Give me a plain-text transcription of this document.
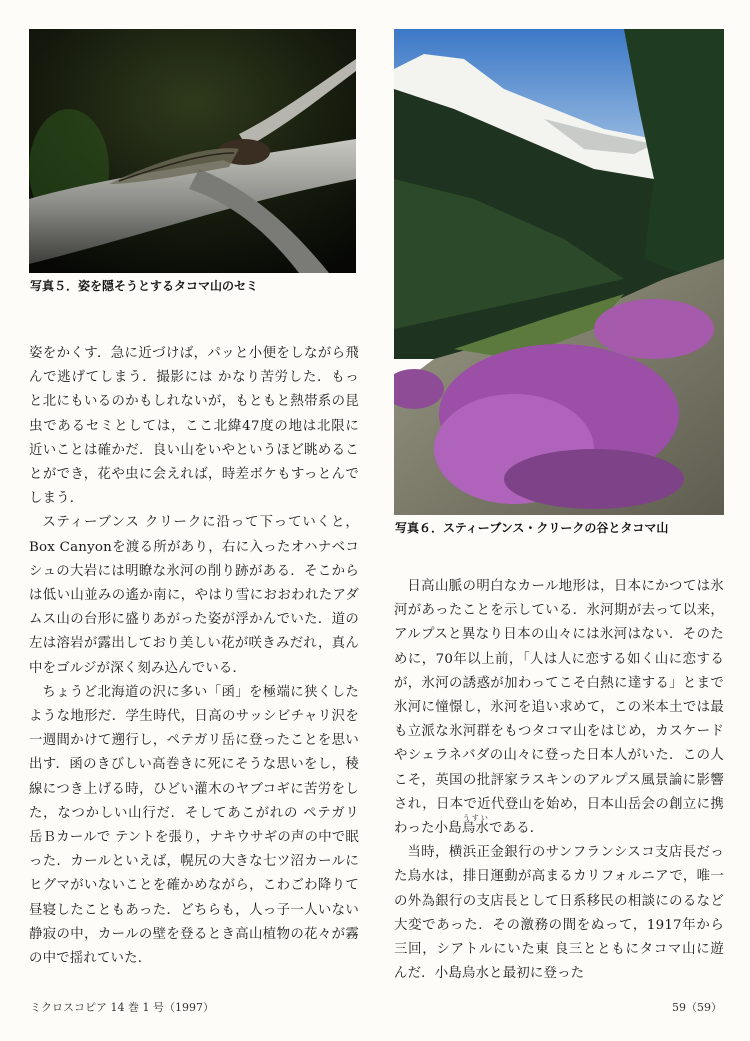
写真５．姿を隠そうとするタコマ山のセミ
写真６．スティーブンス・クリークの谷とタコマ山

姿をかくす．急に近づけば，パッと小便をしながら飛んで逃げてしまう．撮影には かなり苦労した．もっと北にもいるのかもしれないが，もともと熱帯系の昆虫であるセミとしては，ここ北緯47度の地は北限に近いことは確かだ．良い山をいやというほど眺めることができ，花や虫に会えれば，時差ボケもすっとんでしまう．

スティーブンス クリークに沿って下っていくと，Box Canyonを渡る所があり，右に入ったオハナベコシュの大岩には明瞭な氷河の削り跡がある．そこからは低い山並みの遙か南に，やはり雪におおわれたアダムス山の台形に盛りあがった姿が浮かんでいた．道の左は溶岩が露出しており美しい花が咲きみだれ，真ん中をゴルジが深く刻み込んでいる．

ちょうど北海道の沢に多い「函」を極端に狭くしたような地形だ．学生時代，日高のサッシビチャリ沢を一週間かけて遡行し，ペテガリ岳に登ったことを思い出す．函のきびしい高巻きに死にそうな思いをし，稜線につき上げる時，ひどい灌木のヤブコギに苦労をした，なつかしい山行だ．そしてあこがれの ペテガリ岳Ｂカールで テントを張り，ナキウサギの声の中で眠った．カールといえば，幌尻の大きな七ツ沼カールにヒグマがいないことを確かめながら，こわごわ降りて昼寝したこともあった．どちらも，人っ子一人いない静寂の中，カールの壁を登るとき高山植物の花々が霧の中で揺れていた．

日高山脈の明白なカール地形は，日本にかつては氷河があったことを示している．氷河期が去って以来，アルプスと異なり日本の山々には氷河はない．そのために，70年以上前，「人は人に恋する如く山に恋するが，氷河の誘惑が加わってこそ白熱に達する」とまで氷河に憧憬し，氷河を追い求めて，この米本土では最も立派な氷河群をもつタコマ山をはじめ，カスケードやシェラネバダの山々に登った日本人がいた．この人こそ，英国の批評家ラスキンのアルプス風景論に影響され，日本で近代登山を始め，日本山岳会の創立に携わった小島烏水うすいである．

当時，横浜正金銀行のサンフランシスコ支店長だった烏水は，排日運動が高まるカリフォルニアで，唯一の外為銀行の支店長として日系移民の相談にのるなど大変であった．その激務の間をぬって，1917年から三回，シアトルにいた東 良三とともにタコマ山に遊んだ．小島烏水と最初に登った

ミクロスコピア 14 巻 1 号（1997）	59（59）
